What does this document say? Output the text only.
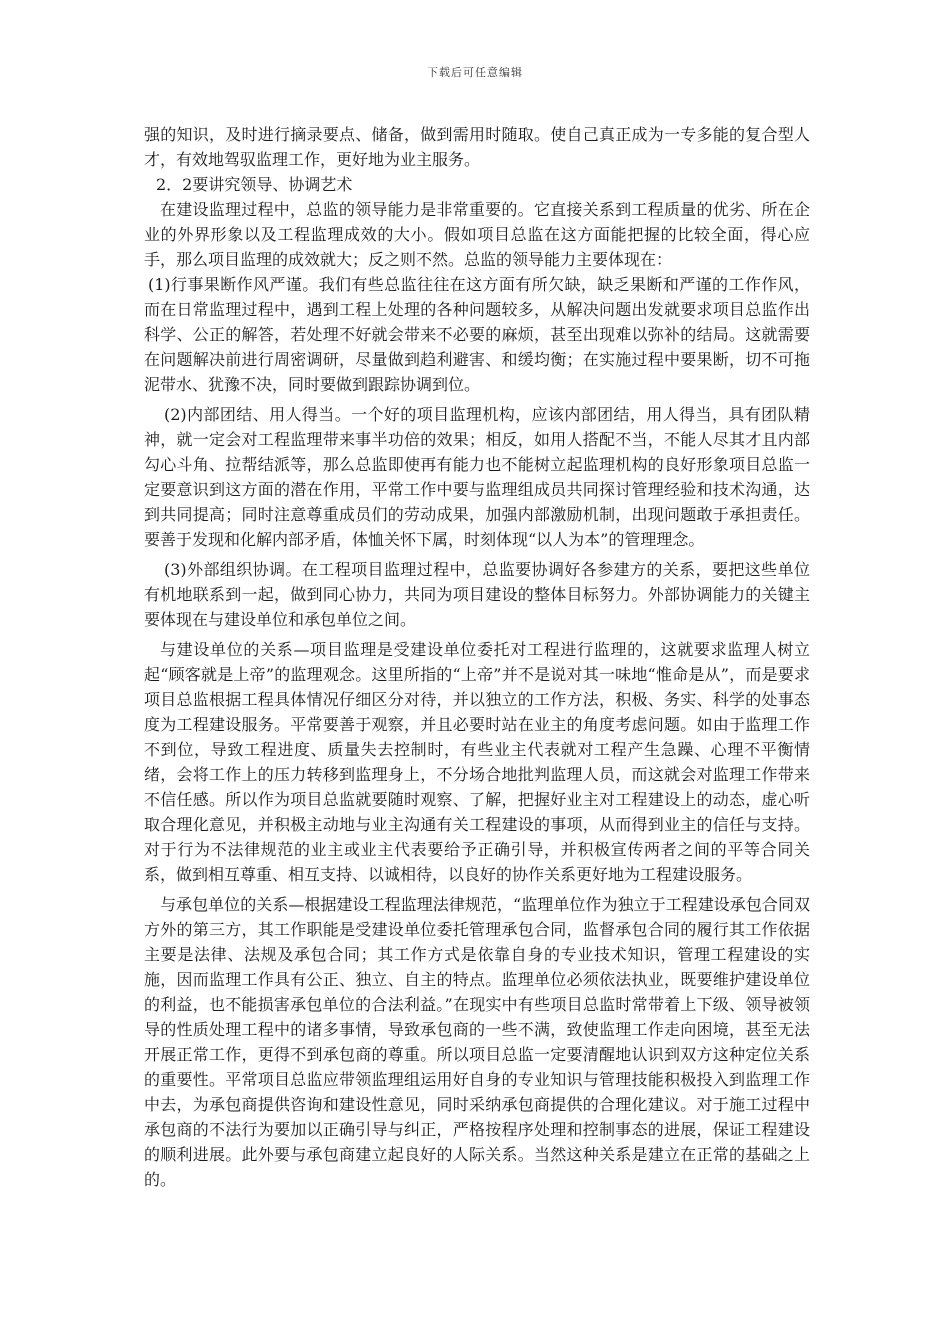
下载后可任意编辑

强的知识，及时进行摘录要点、储备，做到需用时随取。使自己真正成为一专多能的复合型人才，有效地驾驭监理工作，更好地为业主服务。

2．2要讲究领导、协调艺术

在建设监理过程中，总监的领导能力是非常重要的。它直接关系到工程质量的优劣、所在企业的外界形象以及工程监理成效的大小。假如项目总监在这方面能把握的比较全面，得心应手，那么项目监理的成效就大；反之则不然。总监的领导能力主要体现在：

(1)行事果断作风严谨。我们有些总监往往在这方面有所欠缺，缺乏果断和严谨的工作作风，而在日常监理过程中，遇到工程上处理的各种问题较多，从解决问题出发就要求项目总监作出科学、公正的解答，若处理不好就会带来不必要的麻烦，甚至出现难以弥补的结局。这就需要在问题解决前进行周密调研，尽量做到趋利避害、和缓均衡；在实施过程中要果断，切不可拖泥带水、犹豫不决，同时要做到跟踪协调到位。

(2)内部团结、用人得当。一个好的项目监理机构，应该内部团结，用人得当，具有团队精神，就一定会对工程监理带来事半功倍的效果；相反，如用人搭配不当，不能人尽其才且内部勾心斗角、拉帮结派等，那么总监即使再有能力也不能树立起监理机构的良好形象项目总监一定要意识到这方面的潜在作用，平常工作中要与监理组成员共同探讨管理经验和技术沟通，达到共同提高；同时注意尊重成员们的劳动成果，加强内部激励机制，出现问题敢于承担责任。要善于发现和化解内部矛盾，体恤关怀下属，时刻体现“以人为本”的管理理念。

(3)外部组织协调。在工程项目监理过程中，总监要协调好各参建方的关系，要把这些单位有机地联系到一起，做到同心协力，共同为项目建设的整体目标努力。外部协调能力的关键主要体现在与建设单位和承包单位之间。

与建设单位的关系—项目监理是受建设单位委托对工程进行监理的，这就要求监理人树立起“顾客就是上帝”的监理观念。这里所指的“上帝”并不是说对其一味地“惟命是从”，而是要求项目总监根据工程具体情况仔细区分对待，并以独立的工作方法，积极、务实、科学的处事态度为工程建设服务。平常要善于观察，并且必要时站在业主的角度考虑问题。如由于监理工作不到位，导致工程进度、质量失去控制时，有些业主代表就对工程产生急躁、心理不平衡情绪，会将工作上的压力转移到监理身上，不分场合地批判监理人员，而这就会对监理工作带来不信任感。所以作为项目总监就要随时观察、了解，把握好业主对工程建设上的动态，虚心听取合理化意见，并积极主动地与业主沟通有关工程建设的事项，从而得到业主的信任与支持。对于行为不法律规范的业主或业主代表要给予正确引导，并积极宣传两者之间的平等合同关系，做到相互尊重、相互支持、以诚相待，以良好的协作关系更好地为工程建设服务。

与承包单位的关系—根据建设工程监理法律规范，“监理单位作为独立于工程建设承包合同双方外的第三方，其工作职能是受建设单位委托管理承包合同，监督承包合同的履行其工作依据主要是法律、法规及承包合同；其工作方式是依靠自身的专业技术知识，管理工程建设的实施，因而监理工作具有公正、独立、自主的特点。监理单位必须依法执业，既要维护建设单位的利益，也不能损害承包单位的合法利益。”在现实中有些项目总监时常带着上下级、领导被领导的性质处理工程中的诸多事情，导致承包商的一些不满，致使监理工作走向困境，甚至无法开展正常工作，更得不到承包商的尊重。所以项目总监一定要清醒地认识到双方这种定位关系的重要性。平常项目总监应带领监理组运用好自身的专业知识与管理技能积极投入到监理工作中去，为承包商提供咨询和建设性意见，同时采纳承包商提供的合理化建议。对于施工过程中承包商的不法行为要加以正确引导与纠正，严格按程序处理和控制事态的进展，保证工程建设的顺利进展。此外要与承包商建立起良好的人际关系。当然这种关系是建立在正常的基础之上的。
